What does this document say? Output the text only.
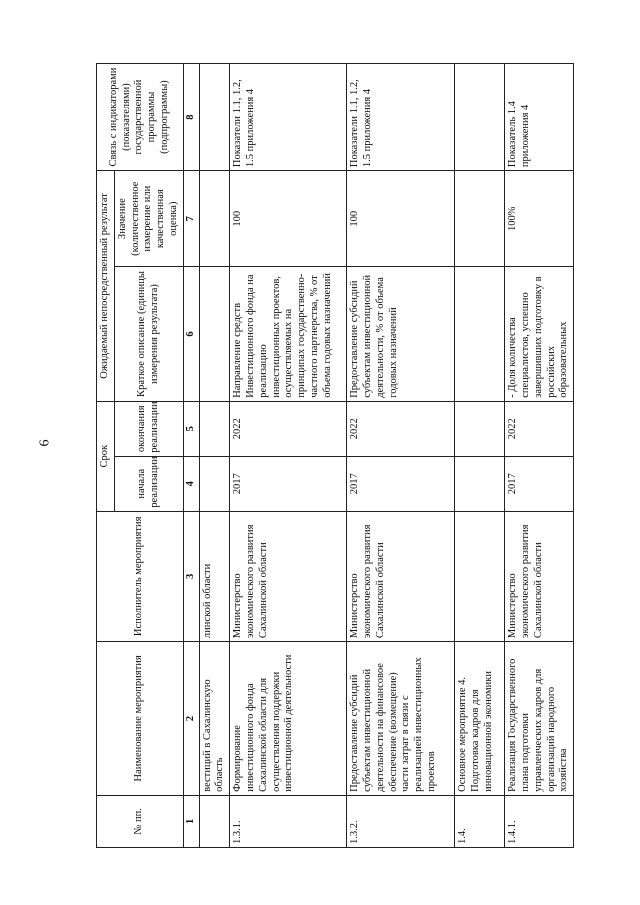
6
№ пп.	Наименование мероприятия	Исполнитель мероприятия	Срок		Ожидаемый непосредственный результат		Связь с индикаторами (показателями) государственной программы (подпрограммы)
			начала реализации	окончания реализации	Краткое описание (единицы измерения результата)	Значение (количественное измерение или качественная оценка)	
1	2	3	4	5	6	7	8
	вестиций в Сахалинскую область	линской области					
1.3.1.	Формирование инвестиционного фонда Сахалинской области для осуществления поддержки инвестиционной деятельности	Министерство экономического развития Сахалинской области	2017	2022	Направление средств Инвестиционного фонда на реализацию инвестиционных проектов, осуществляемых на принципах государственно-частного партнерства, % от объема годовых назначений	100	Показатели 1.1, 1.2, 1.5 приложения 4
1.3.2.	Предоставление субсидий субъектам инвестиционной деятельности на финансовое обеспечение (возмещение) части затрат в связи с реализацией инвестиционных проектов	Министерство экономического развития Сахалинской области	2017	2022	Предоставление субсидий субъектам инвестиционной деятельности, % от объема годовых назначений	100	Показатели 1.1, 1.2, 1.5 приложения 4
1.4.	Основное мероприятие 4. Подготовка кадров для инновационной экономики						
1.4.1.	Реализация Государственного плана подготовки управленческих кадров для организаций народного хозяйства	Министерство экономического развития Сахалинской области	2017	2022	- Доля количества специалистов, успешно завершивших подготовку в российских образовательных	100%	Показатель 1.4 приложения 4
